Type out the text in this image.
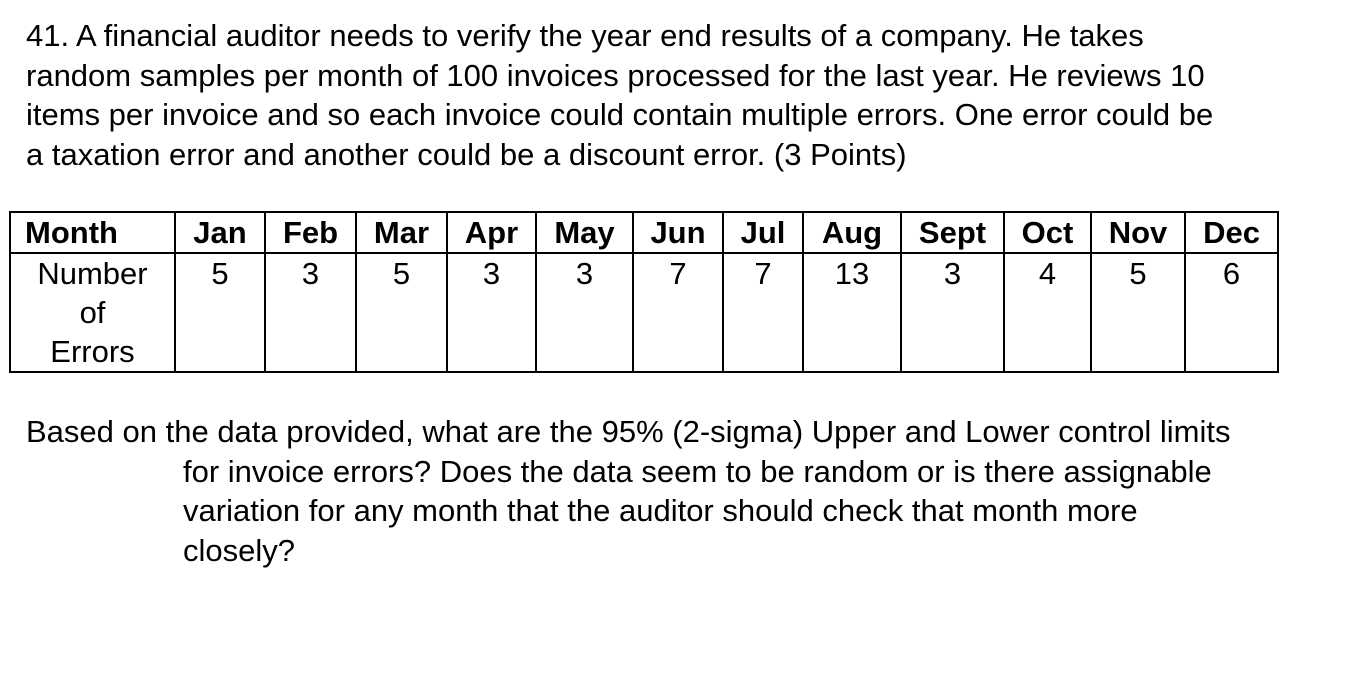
41. A financial auditor needs to verify the year end results of a company. He takes
random samples per month of 100 invoices processed for the last year. He reviews 10
items per invoice and so each invoice could contain multiple errors. One error could be
a taxation error and another could be a discount error. (3 Points)
Month	Jan	Feb	Mar	Apr	May	Jun	Jul	Aug	Sept	Oct	Nov	Dec

Number
of
Errors	5	3	5	3	3	7	7	13	3	4	5	6
Based on the data provided, what are the 95% (2-sigma) Upper and Lower control limits
for invoice errors? Does the data seem to be random or is there assignable
variation for any month that the auditor should check that month more
closely?
